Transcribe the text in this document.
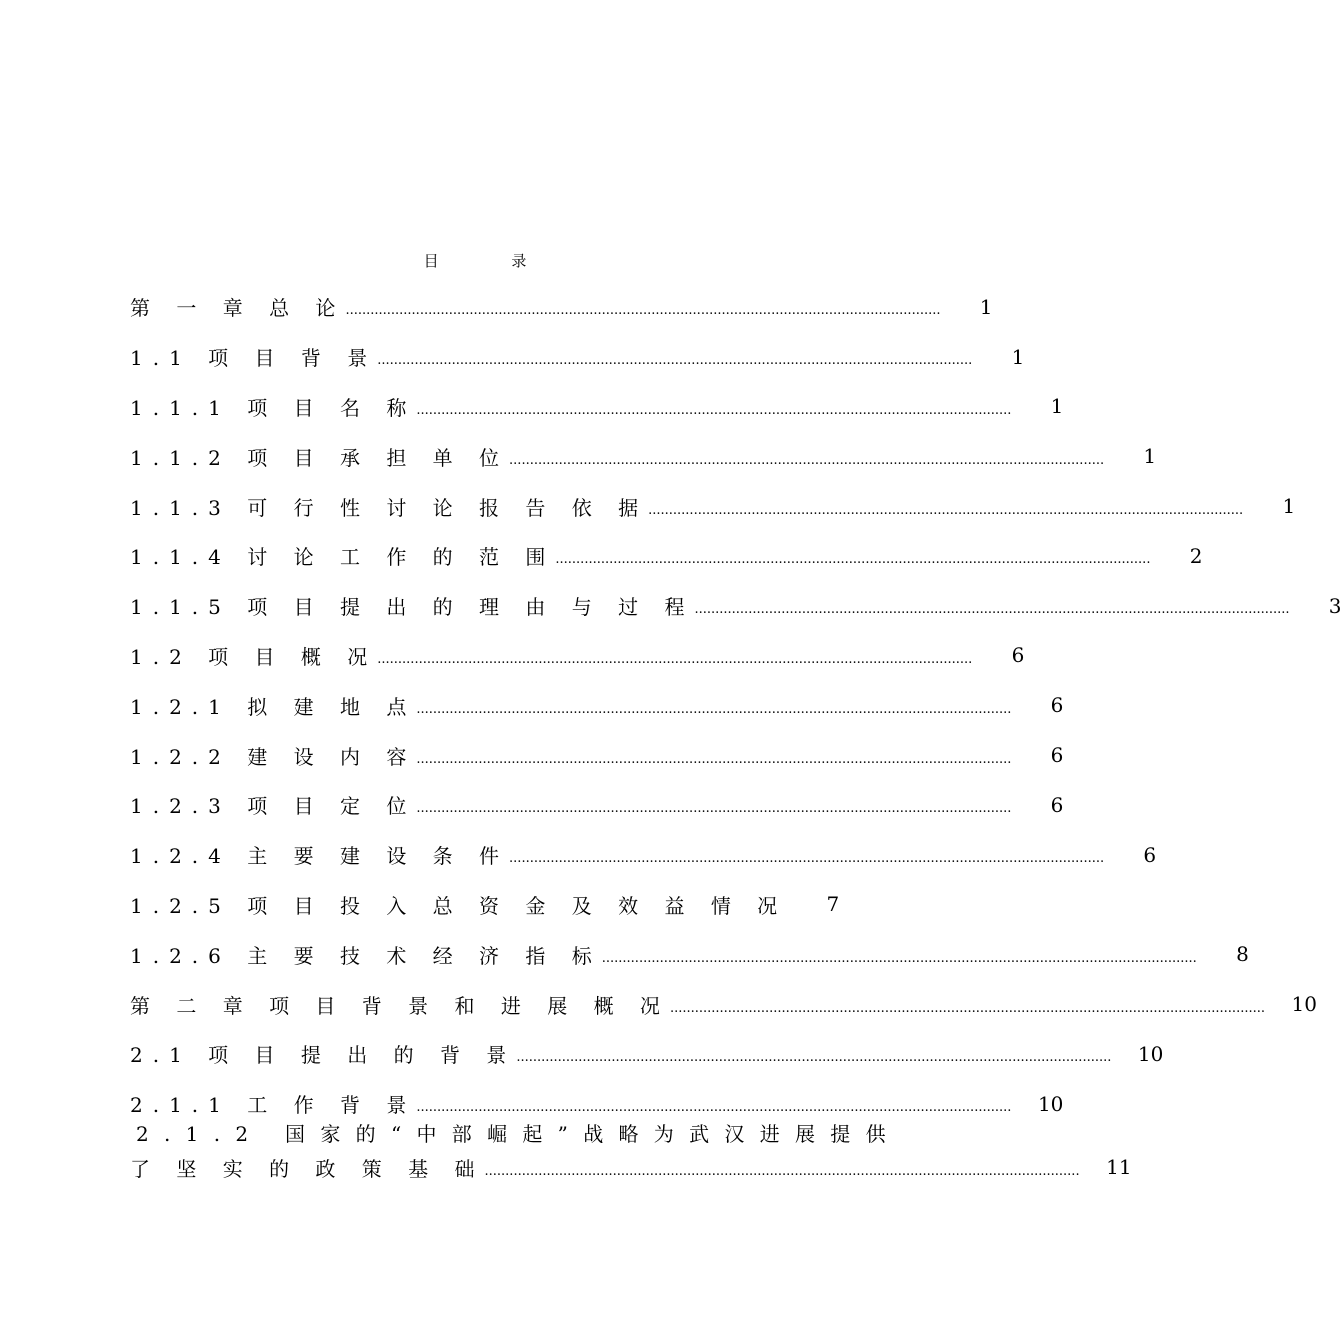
目 录
第 一 章 总 论 ................................................................................................................................................	1
1.1 项 目 背 景 ................................................................................................................................................	1
1.1.1 项 目 名 称 ................................................................................................................................................	1
1.1.2 项 目 承 担 单 位 ................................................................................................................................................	1
1.1.3 可 行 性 讨 论 报 告 依 据 ................................................................................................................................................	1
1.1.4 讨 论 工 作 的 范 围 ................................................................................................................................................	2
1.1.5 项 目 提 出 的 理 由 与 过 程 ................................................................................................................................................	3
1.2 项 目 概 况 ................................................................................................................................................	6
1.2.1 拟 建 地 点 ................................................................................................................................................	6
1.2.2 建 设 内 容 ................................................................................................................................................	6
1.2.3 项 目 定 位 ................................................................................................................................................	6
1.2.4 主 要 建 设 条 件 ................................................................................................................................................	6
1.2.5 项 目 投 入 总 资 金 及 效 益 情 况	7
1.2.6 主 要 技 术 经 济 指 标 ................................................................................................................................................	8
第 二 章 项 目 背 景 和 进 展 概 况 ................................................................................................................................................ 10
2.1 项 目 提 出 的 背 景 ................................................................................................................................................ 10
2.1.1 工 作 背 景 ................................................................................................................................................ 10
2.1.2 国家的“中部崛起”战略为武汉进展提供
了 坚 实 的 政 策 基 础 ................................................................................................................................................ 11
